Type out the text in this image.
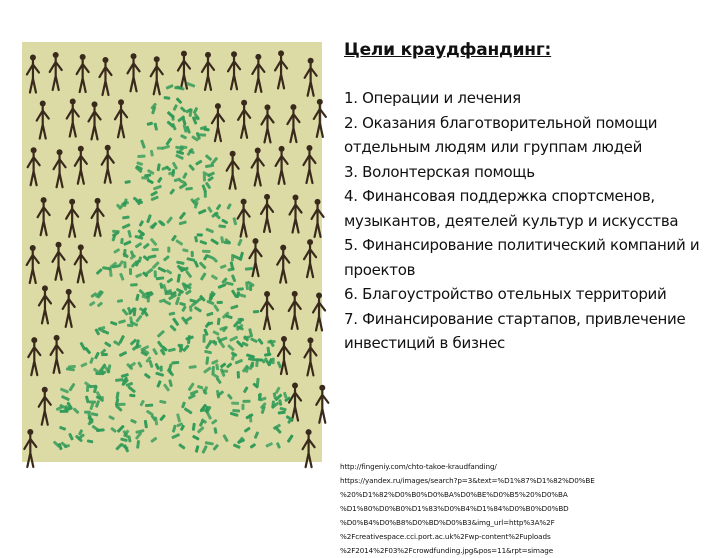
Цели краудфандинг:
1. Операции и лечения
2. Оказания благотворительной помощи отдельным людям или группам людей
3. Волонтерская помощь
4. Финансовая поддержка спортсменов, музыкантов, деятелей культур и искусства
5. Финансирование политический компаний и проектов
6. Благоустройство отельных территорий
7. Финансирование стартапов, привлечение инвестиций в бизнес
http://fingeniy.com/chto-takoe-kraudfanding/
https://yandex.ru/images/search?p=3&text=%D1%87%D1%82%D0%BE
%20%D1%82%D0%B0%D0%BA%D0%BE%D0%B5%20%D0%BA
%D1%80%D0%B0%D1%83%D0%B4%D1%84%D0%B0%D0%BD
%D0%B4%D0%B8%D0%BD%D0%B3&img_url=http%3A%2F
%2Fcreativespace.cci.port.ac.uk%2Fwp-content%2Fuploads
%2F2014%2F03%2Fcrowdfunding.jpg&pos=11&rpt=simage
